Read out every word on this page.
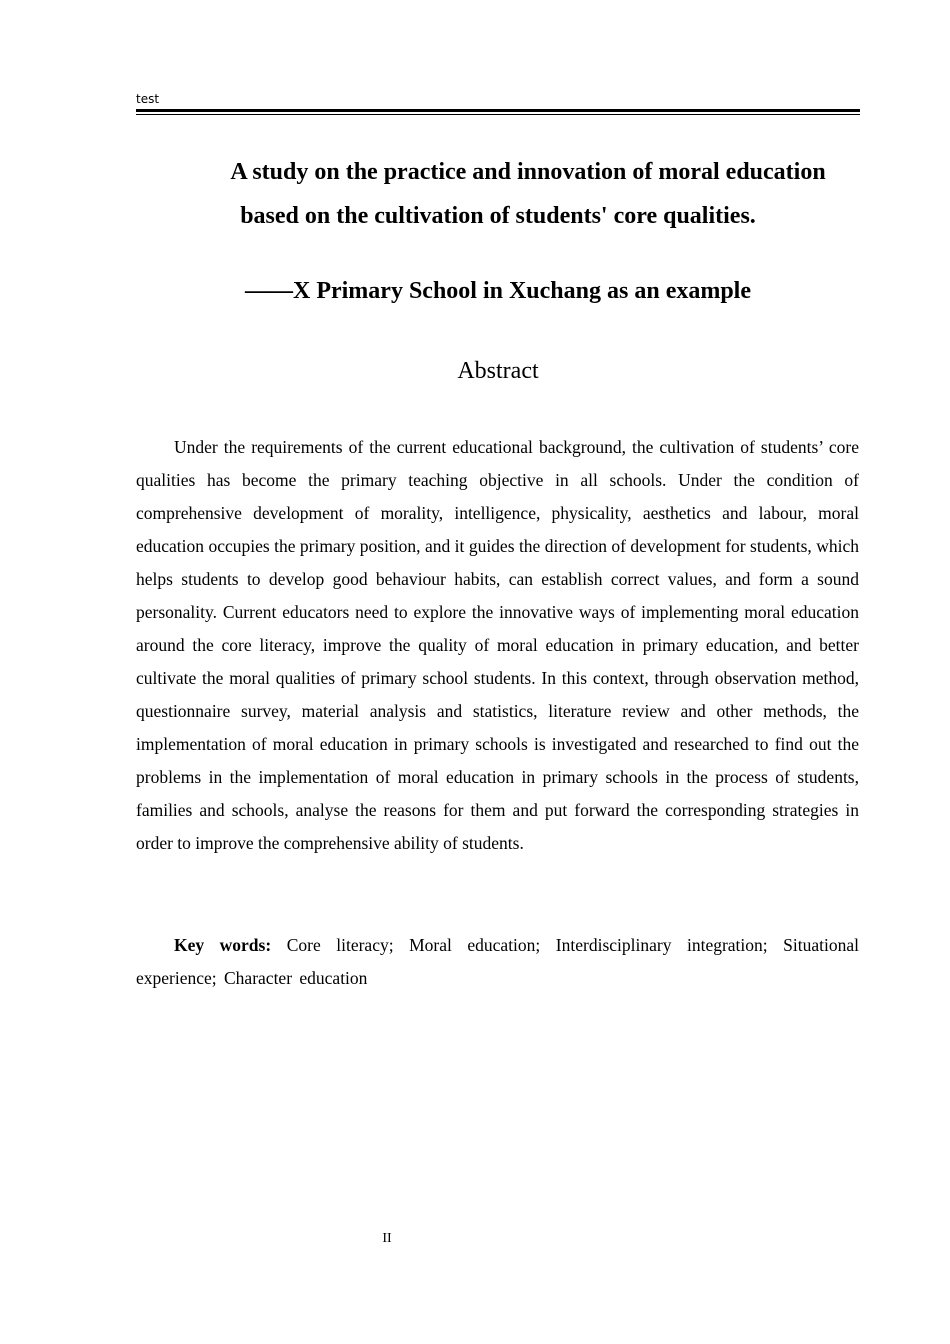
test
A study on the practice and innovation of moral education
based on the cultivation of students' core qualities.
——X Primary School in Xuchang as an example
Abstract

Under the requirements of the current educational background, the cultivation of students’ core qualities has become the primary teaching objective in all schools. Under the condition of comprehensive development of morality, intelligence, physicality, aesthetics and labour, moral education occupies the primary position, and it guides the direction of development for students, which helps students to develop good behaviour habits, can establish correct values, and form a sound personality. Current educators need to explore the innovative ways of implementing moral education around the core literacy, improve the quality of moral education in primary education, and better cultivate the moral qualities of primary school students. In this context, through observation method, questionnaire survey, material analysis and statistics, literature review and other methods, the implementation of moral education in primary schools is investigated and researched to find out the problems in the implementation of moral education in primary schools in the process of students, families and schools, analyse the reasons for them and put forward the corresponding strategies in order to improve the comprehensive ability of students.

Key words: Core literacy; Moral education; Interdisciplinary integration; Situational experience; Character education

II
